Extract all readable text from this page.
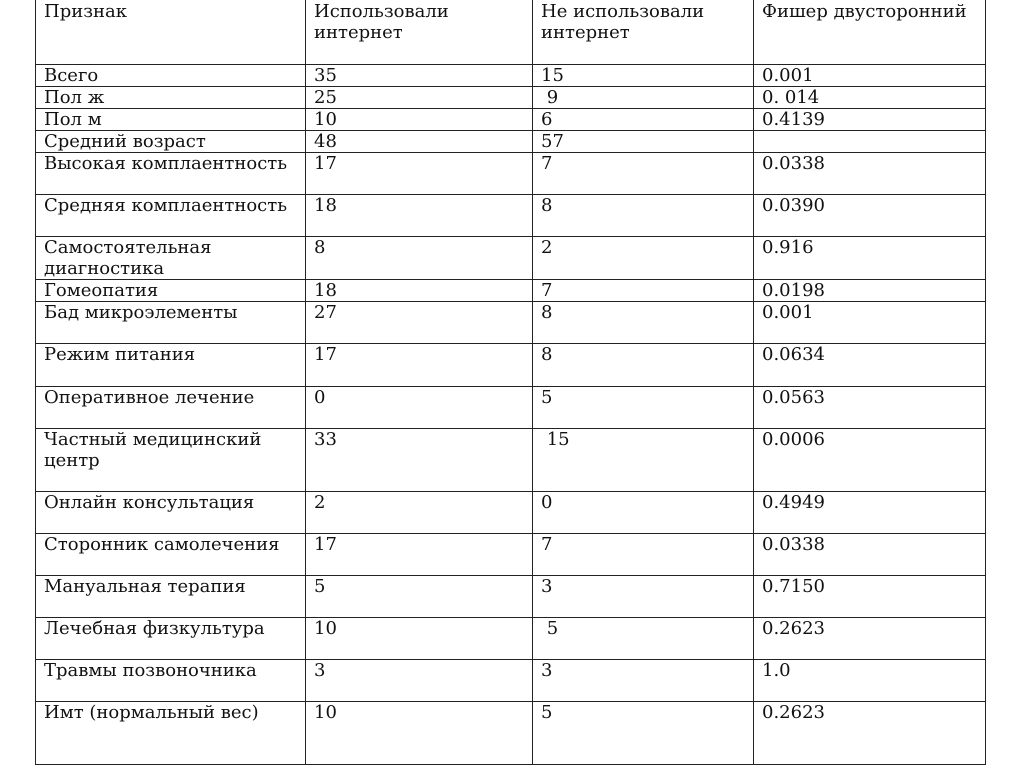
Признак	Использовали интернет	Не использовали интернет	Фишер двусторонний
Всего	35	15	0.001
Пол ж	25	9	0. 014
Пол м	10	6	0.4139
Средний возраст	48	57	
Высокая комплаентность	17	7	0.0338
Средняя комплаентность	18	8	0.0390
Самостоятельная диагностика	8	2	0.916
Гомеопатия	18	7	0.0198
Бад микроэлементы	27	8	0.001
Режим питания	17	8	0.0634
Оперативное лечение	0	5	0.0563
Частный медицинский центр	33	15	0.0006
Онлайн консультация	2	0	0.4949
Сторонник самолечения	17	7	0.0338
Мануальная терапия	5	3	0.7150
Лечебная физкультура	10	5	0.2623
Травмы позвоночника	3	3	1.0
Имт (нормальный вес)	10	5	0.2623
